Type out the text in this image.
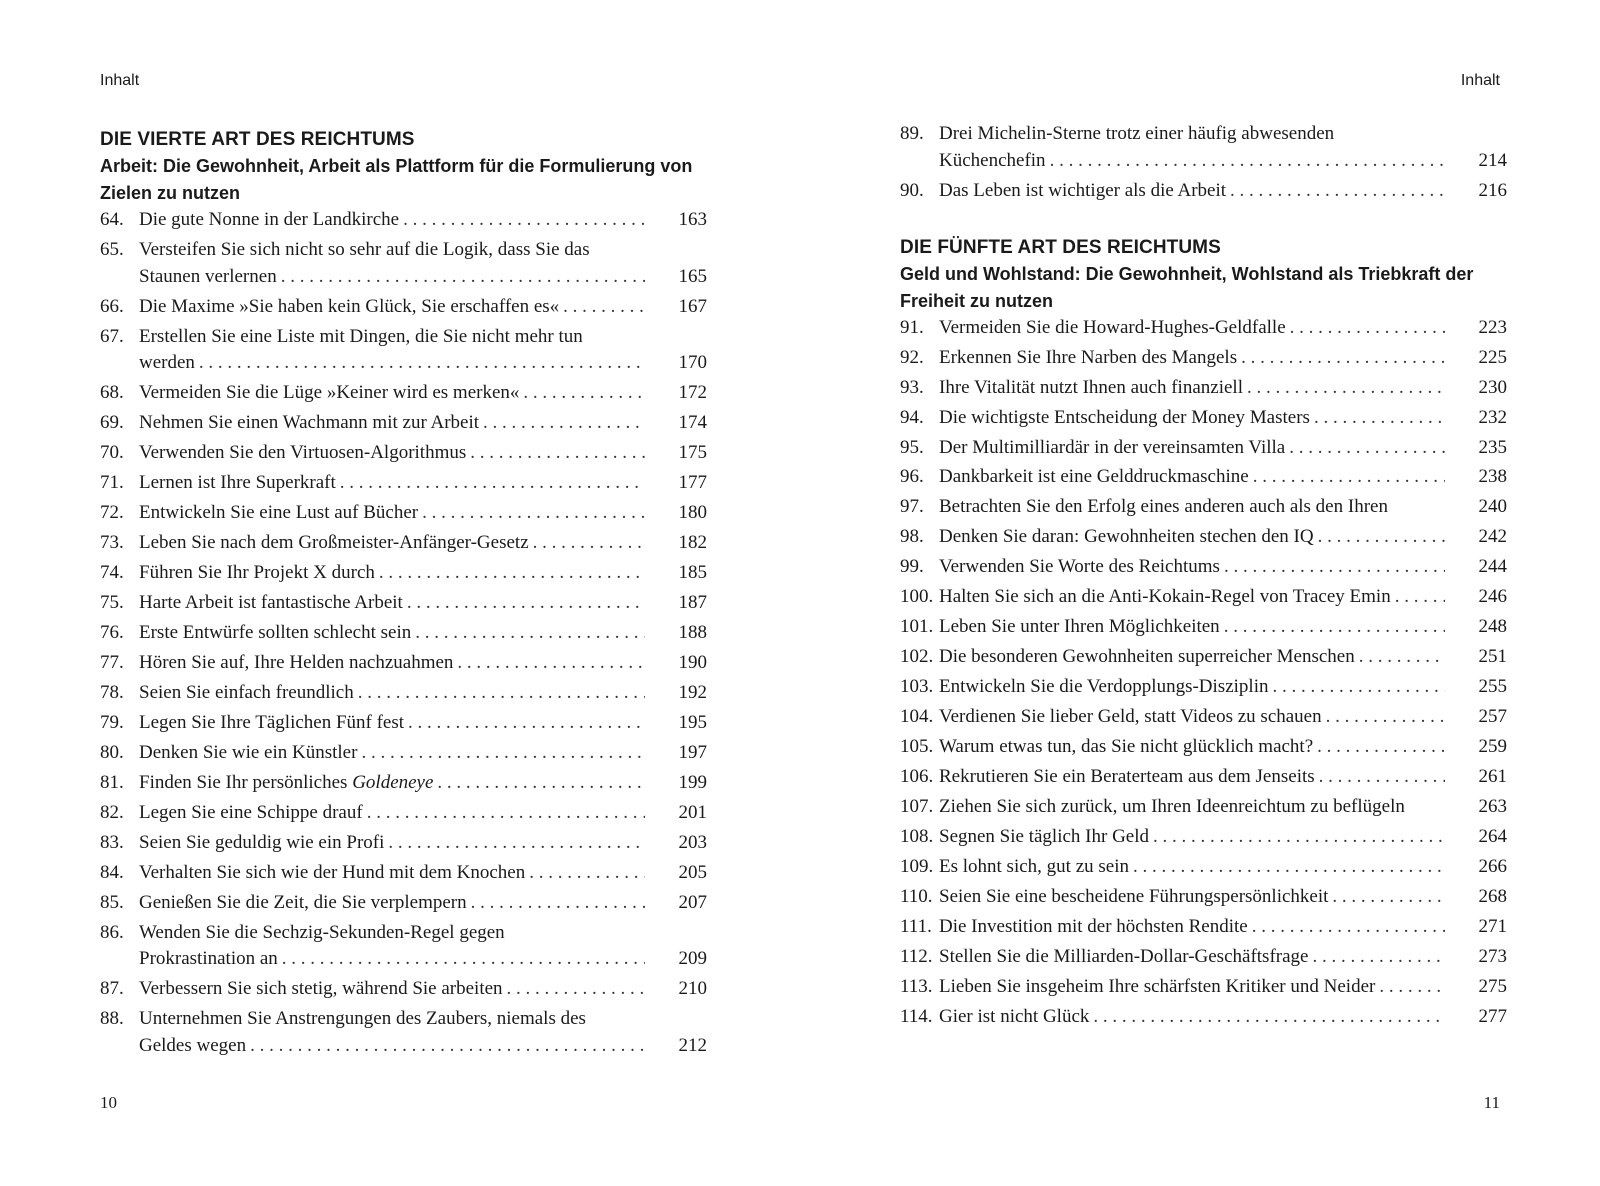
Inhalt
DIE VIERTE ART DES REICHTUMS
Arbeit: Die Gewohnheit, Arbeit als Plattform für die Formulierung von Zielen zu nutzen
64. Die gute Nonne in der Landkirche . . .	163
65. Versteifen Sie sich nicht so sehr auf die Logik, dass Sie das
Staunen verlernen . . .	165
66. Die Maxime »Sie haben kein Glück, Sie erschaffen es« . . .	167
67. Erstellen Sie eine Liste mit Dingen, die Sie nicht mehr tun
werden . . .	170
68. Vermeiden Sie die Lüge »Keiner wird es merken« . . .	172
69. Nehmen Sie einen Wachmann mit zur Arbeit . . .	174
70. Verwenden Sie den Virtuosen-Algorithmus . . .	175
71. Lernen ist Ihre Superkraft . . .	177
72. Entwickeln Sie eine Lust auf Bücher . . .	180
73. Leben Sie nach dem Großmeister-Anfänger-Gesetz . . .	182
74. Führen Sie Ihr Projekt X durch . . .	185
75. Harte Arbeit ist fantastische Arbeit . . .	187
76. Erste Entwürfe sollten schlecht sein . . .	188
77. Hören Sie auf, Ihre Helden nachzuahmen . . .	190
78. Seien Sie einfach freundlich . . .	192
79. Legen Sie Ihre Täglichen Fünf fest . . .	195
80. Denken Sie wie ein Künstler . . .	197
81. Finden Sie Ihr persönliches Goldeneye . . .	199
82. Legen Sie eine Schippe drauf . . .	201
83. Seien Sie geduldig wie ein Profi . . .	203
84. Verhalten Sie sich wie der Hund mit dem Knochen . . .	205
85. Genießen Sie die Zeit, die Sie verplempern . . .	207
86. Wenden Sie die Sechzig-Sekunden-Regel gegen
Prokrastination an . . .	209
87. Verbessern Sie sich stetig, während Sie arbeiten . . .	210
88. Unternehmen Sie Anstrengungen des Zaubers, niemals des
Geldes wegen . . .	212
10
Inhalt
89. Drei Michelin-Sterne trotz einer häufig abwesenden
Küchenchefin . . .	214
90. Das Leben ist wichtiger als die Arbeit . . .	216
DIE FÜNFTE ART DES REICHTUMS
Geld und Wohlstand: Die Gewohnheit, Wohlstand als Triebkraft der Freiheit zu nutzen
91. Vermeiden Sie die Howard-Hughes-Geldfalle . . .	223
92. Erkennen Sie Ihre Narben des Mangels . . .	225
93. Ihre Vitalität nutzt Ihnen auch finanziell . . .	230
94. Die wichtigste Entscheidung der Money Masters . . .	232
95. Der Multimilliardär in der vereinsamten Villa . . .	235
96. Dankbarkeit ist eine Gelddruckmaschine . . .	238
97. Betrachten Sie den Erfolg eines anderen auch als den Ihren	240
98. Denken Sie daran: Gewohnheiten stechen den IQ . . .	242
99. Verwenden Sie Worte des Reichtums . . .	244
100. Halten Sie sich an die Anti-Kokain-Regel von Tracey Emin . . .	246
101. Leben Sie unter Ihren Möglichkeiten . . .	248
102. Die besonderen Gewohnheiten superreicher Menschen . . .	251
103. Entwickeln Sie die Verdopplungs-Disziplin . . .	255
104. Verdienen Sie lieber Geld, statt Videos zu schauen . . .	257
105. Warum etwas tun, das Sie nicht glücklich macht? . . .	259
106. Rekrutieren Sie ein Beraterteam aus dem Jenseits . . .	261
107. Ziehen Sie sich zurück, um Ihren Ideenreichtum zu beflügeln	263
108. Segnen Sie täglich Ihr Geld . . .	264
109. Es lohnt sich, gut zu sein . . .	266
110. Seien Sie eine bescheidene Führungspersönlichkeit . . .	268
111. Die Investition mit der höchsten Rendite . . .	271
112. Stellen Sie die Milliarden-Dollar-Geschäftsfrage . . .	273
113. Lieben Sie insgeheim Ihre schärfsten Kritiker und Neider . . .	275
114. Gier ist nicht Glück . . .	277
11
